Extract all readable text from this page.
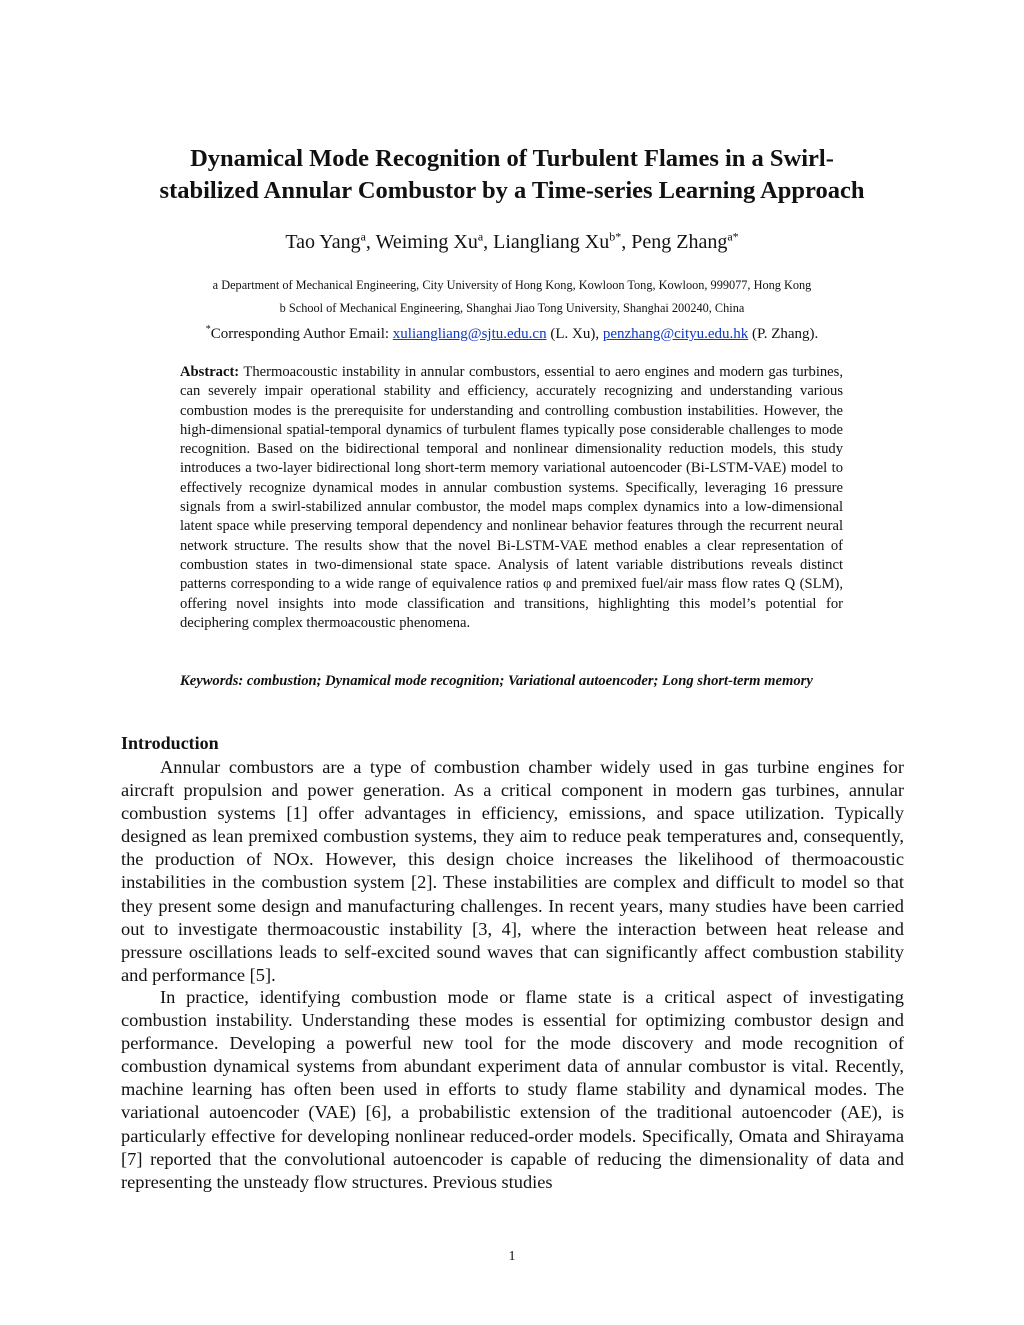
Dynamical Mode Recognition of Turbulent Flames in a Swirl-
stabilized Annular Combustor by a Time-series Learning Approach
Tao Yang$^a$, Weiming Xu$^a$, Liangliang $Xu^{b*}$, Peng Zhang$^{a*}$
a Department of Mechanical Engineering, City University of Hong Kong, Kowloon Tong, Kowloon, 999077, Hong Kong
b School of Mechanical Engineering, Shanghai Jiao Tong University, Shanghai 200240, China
*Corresponding Author Email: xuliangliang@sjtu.edu.cn (L. Xu), penzhang@cityu.edu.hk (P. Zhang).

Abstract: Thermoacoustic instability in annular combustors, essential to aero engines and modern gas turbines, can severely impair operational stability and efficiency, accurately recognizing and understanding various combustion modes is the prerequisite for understanding and controlling combustion instabilities. However, the high-dimensional spatial-temporal dynamics of turbulent flames typically pose considerable challenges to mode recognition. Based on the bidirectional temporal and nonlinear dimensionality reduction models, this study introduces a two-layer bidirectional long short-term memory variational autoencoder (Bi-LSTM-VAE) model to effectively recognize dynamical modes in annular combustion systems. Specifically, leveraging 16 pressure signals from a swirl-stabilized annular combustor, the model maps complex dynamics into a low-dimensional latent space while preserving temporal dependency and nonlinear behavior features through the recurrent neural network structure. The results show that the novel Bi-LSTM-VAE method enables a clear representation of combustion states in two-dimensional state space. Analysis of latent variable distributions reveals distinct patterns corresponding to a wide range of equivalence ratios φ and premixed fuel/air mass flow rates Q (SLM), offering novel insights into mode classification and transitions, highlighting this model’s potential for deciphering complex thermoacoustic phenomena.

Keywords: combustion; Dynamical mode recognition; Variational autoencoder; Long short-term memory

Introduction

Annular combustors are a type of combustion chamber widely used in gas turbine engines for aircraft propulsion and power generation. As a critical component in modern gas turbines, annular combustion systems [1] offer advantages in efficiency, emissions, and space utilization. Typically designed as lean premixed combustion systems, they aim to reduce peak temperatures and, consequently, the production of NOx. However, this design choice increases the likelihood of thermoacoustic instabilities in the combustion system [2]. These instabilities are complex and difficult to model so that they present some design and manufacturing challenges. In recent years, many studies have been carried out to investigate thermoacoustic instability [3, 4], where the interaction between heat release and pressure oscillations leads to self-excited sound waves that can significantly affect combustion stability and performance [5].

In practice, identifying combustion mode or flame state is a critical aspect of investigating combustion instability. Understanding these modes is essential for optimizing combustor design and performance. Developing a powerful new tool for the mode discovery and mode recognition of combustion dynamical systems from abundant experiment data of annular combustor is vital. Recently, machine learning has often been used in efforts to study flame stability and dynamical modes. The variational autoencoder (VAE) [6], a probabilistic extension of the traditional autoencoder (AE), is particularly effective for developing nonlinear reduced-order models. Specifically, Omata and Shirayama [7] reported that the convolutional autoencoder is capable of reducing the dimensionality of data and representing the unsteady flow structures. Previous studies

1
